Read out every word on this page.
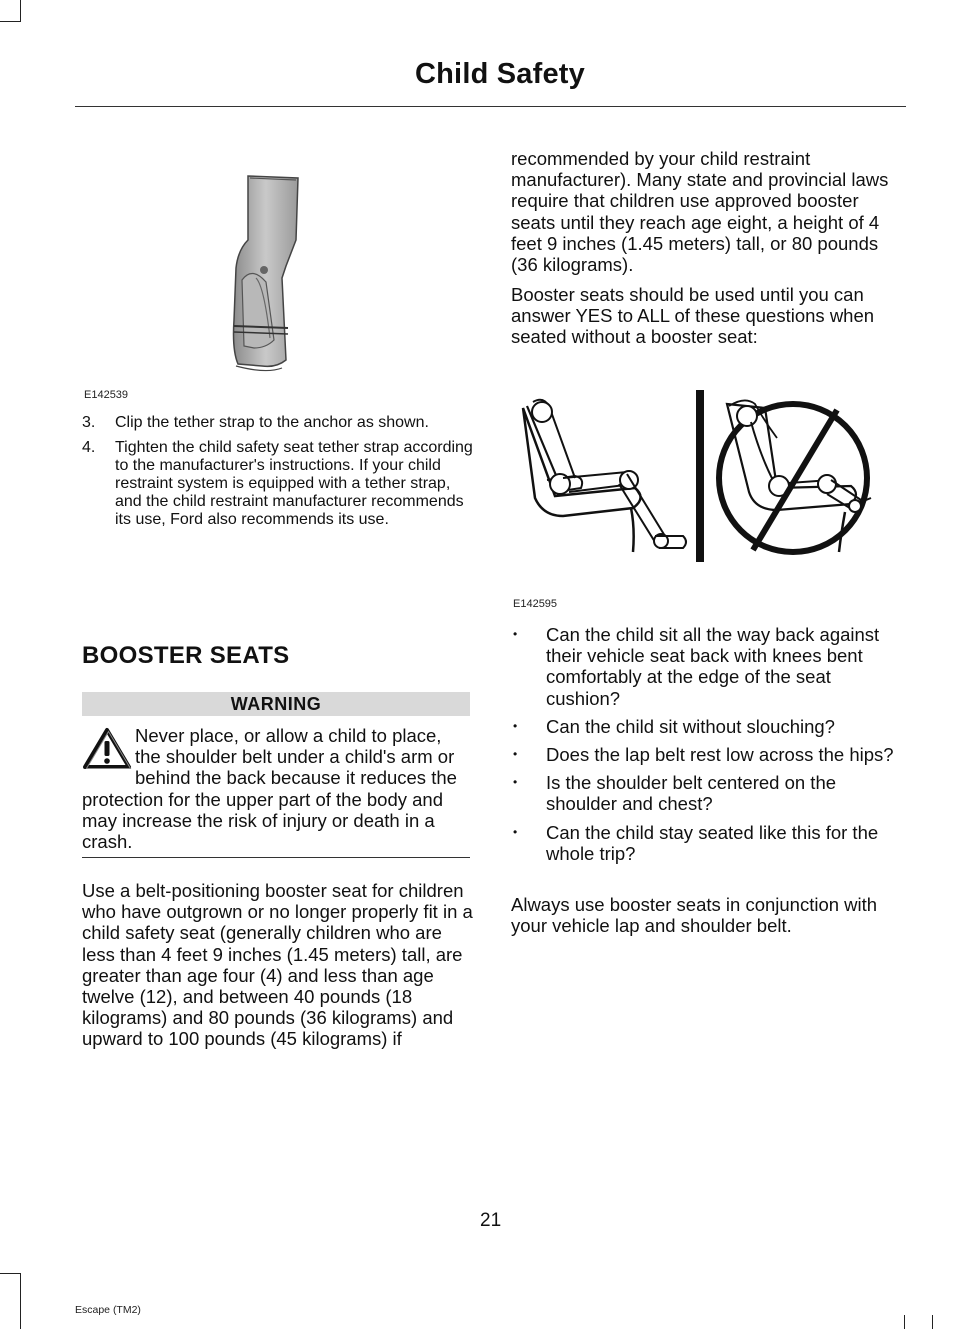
Child Safety
E142539
3.	Clip the tether strap to the anchor as shown.
4.	Tighten the child safety seat tether strap according to the manufacturer's instructions. If your child restraint system is equipped with a tether strap, and the child restraint manufacturer recommends its use, Ford also recommends its use.
BOOSTER SEATS
WARNING
Never place, or allow a child to place, the shoulder belt under a child's arm or behind the back because it reduces the protection for the upper part of the body and may increase the risk of injury or death in a crash.
Use a belt-positioning booster seat for children who have outgrown or no longer properly fit in a child safety seat (generally children who are less than 4 feet 9 inches (1.45 meters) tall, are greater than age four (4) and less than age twelve (12), and between 40 pounds (18 kilograms) and 80 pounds (36 kilograms) and upward to 100 pounds (45 kilograms) if
recommended by your child restraint manufacturer). Many state and provincial laws require that children use approved booster seats until they reach age eight, a height of 4 feet 9 inches (1.45 meters) tall, or 80 pounds (36 kilograms).
Booster seats should be used until you can answer YES to ALL of these questions when seated without a booster seat:
E142595
•	Can the child sit all the way back against their vehicle seat back with knees bent comfortably at the edge of the seat cushion?
•	Can the child sit without slouching?
•	Does the lap belt rest low across the hips?
•	Is the shoulder belt centered on the shoulder and chest?
•	Can the child stay seated like this for the whole trip?
Always use booster seats in conjunction with your vehicle lap and shoulder belt.
21
Escape (TM2)
